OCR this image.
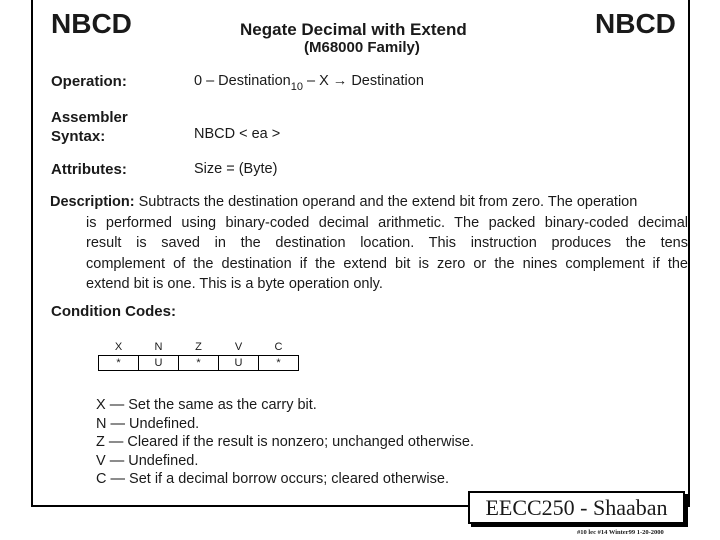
NBCD	NBCD
Negate Decimal with Extend
(M68000 Family)
Operation:	0 – Destination$_{10}$ – X → Destination
Assembler
Syntax:	NBCD < ea >
Attributes:	Size = (Byte)
Description: Subtracts the destination operand and the extend bit from zero. The operation
is performed using binary-coded decimal arithmetic. The packed binary-coded decimal
result is saved in the destination location. This instruction produces the tens
complement of the destination if the extend bit is zero or the nines complement if the
extend bit is one. This is a byte operation only.
Condition Codes:
X	N	Z	V	C
*	U	*	U	*
X — Set the same as the carry bit.
N — Undefined.
Z — Cleared if the result is nonzero; unchanged otherwise.
V — Undefined.
C — Set if a decimal borrow occurs; cleared otherwise.
EECC250 - Shaaban
#10 lec #14 Winter99 1-20-2000
